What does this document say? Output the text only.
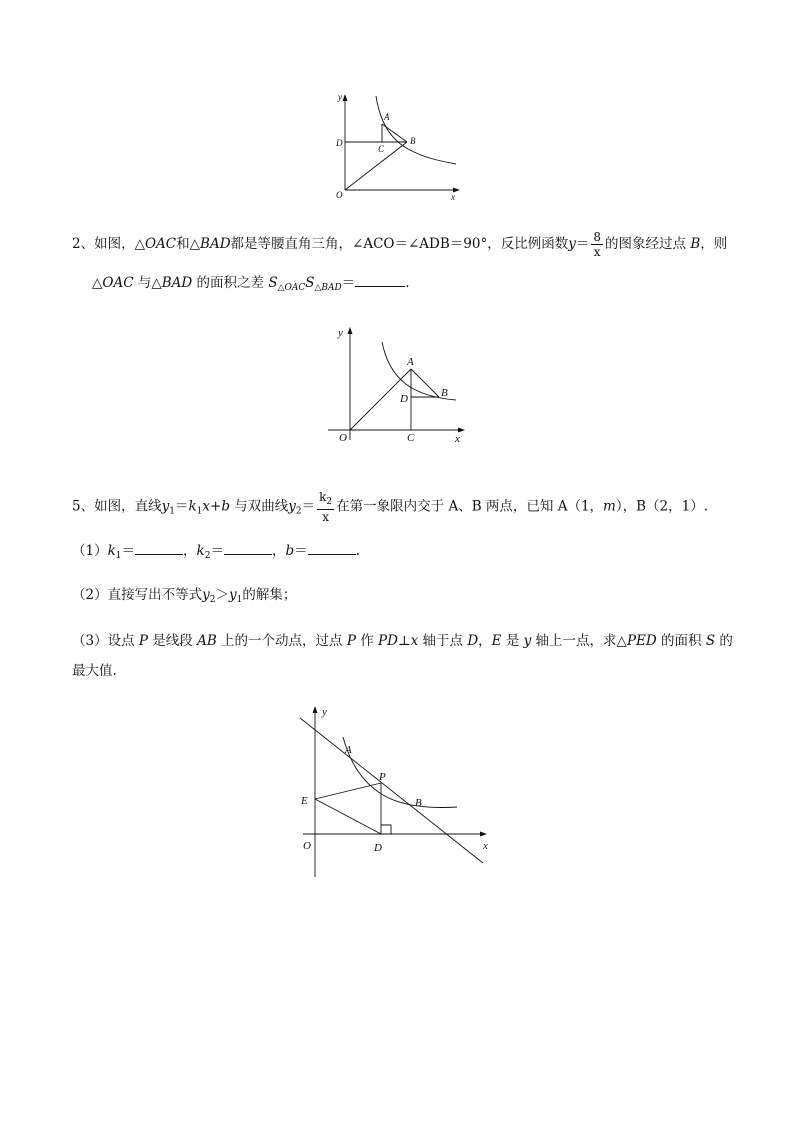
y
x
O
A
B
C
D
2、如图，△OAC和△BAD都是等腰直角三角，∠ACO＝∠ADB＝90°，反比例函数$y= \frac{8}{x}$ 的图象经过点 B，则
△OAC 与△BAD 的面积之差 $S_{\triangle OAC}S_{\triangle BAD}=$	.
y
x
O
A
B
C
D
5、如图，直线$y_1=k_1x+b$ 与双曲线$y_2= \frac{k_2}{x}$ 在第一象限内交于 A、B 两点，已知 A（1，m），B（2，1）.
$(1)k_1=$	，$k_2=$	，b＝	.
（2）直接写出不等式$y_2>y_1$的解集；
（3）设点 P 是线段 AB 上的一个动点，过点 P 作 PD⊥x 轴于点 D，E 是 y 轴上一点，求△PED 的面积 S 的
最大值.
y
x
O
A
B
P
D
E
